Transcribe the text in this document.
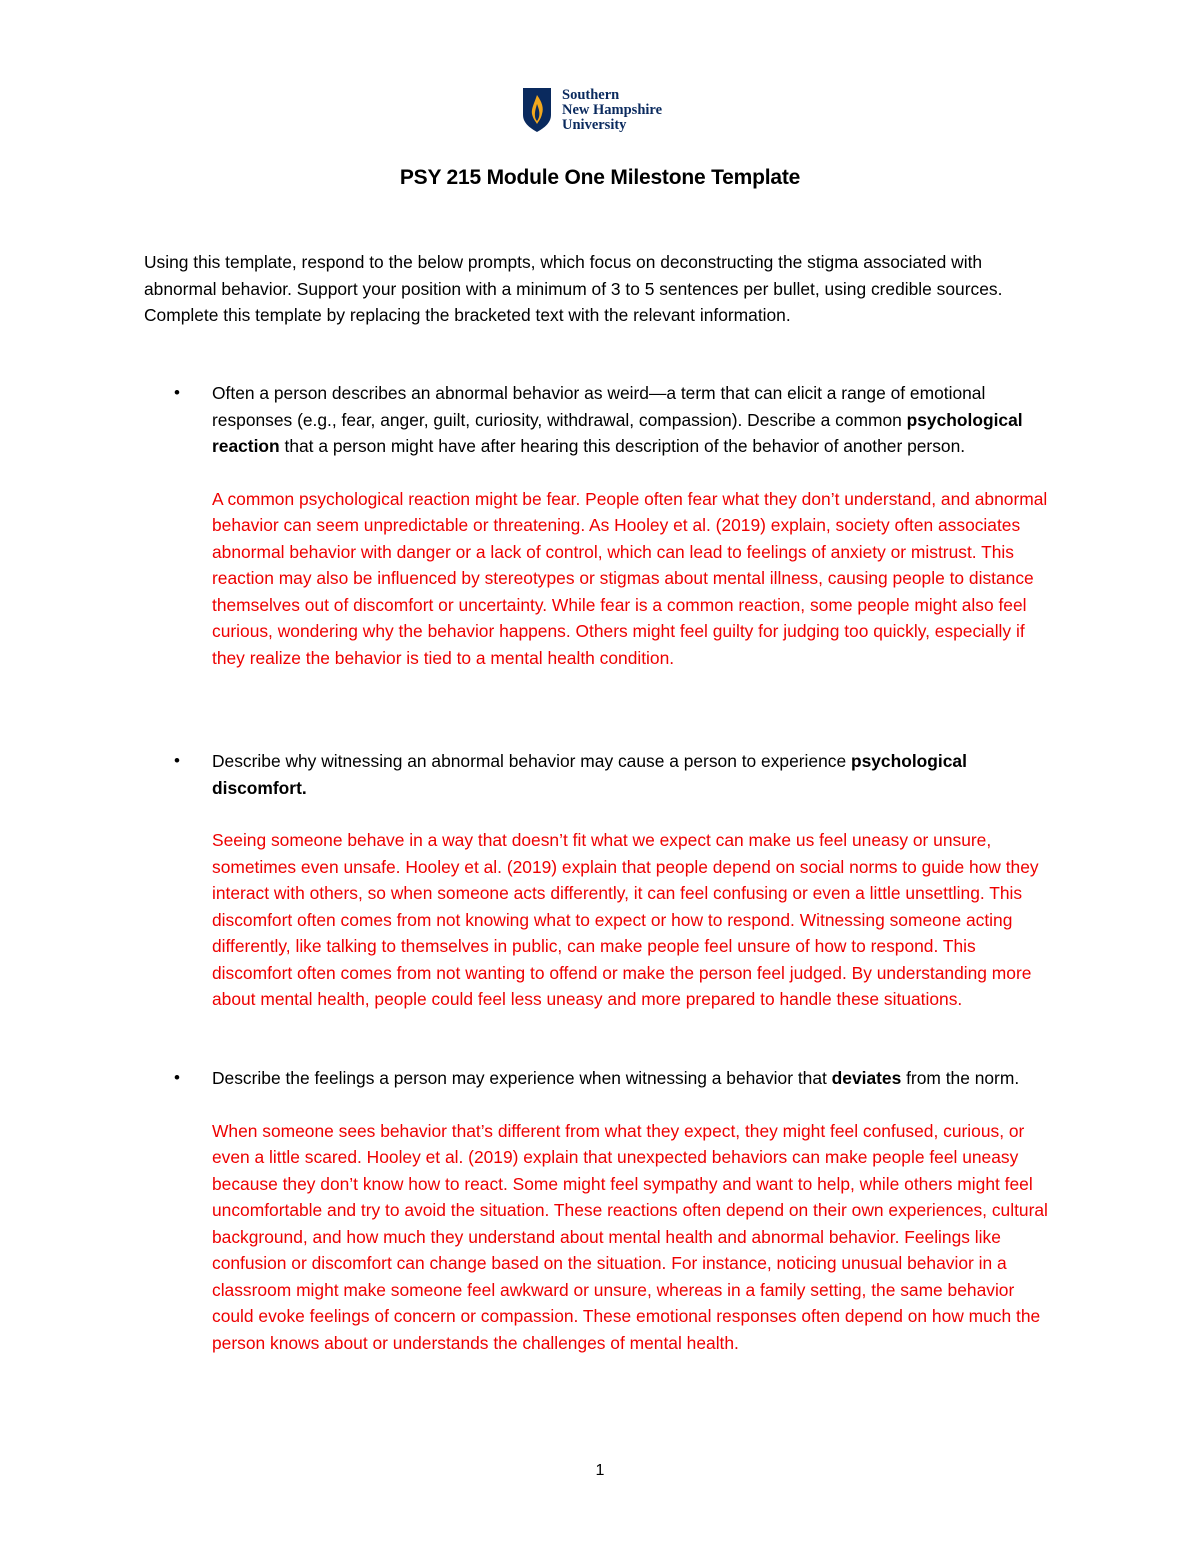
Southern
New Hampshire
University
PSY 215 Module One Milestone Template
Using this template, respond to the below prompts, which focus on deconstructing the stigma associated with abnormal behavior. Support your position with a minimum of 3 to 5 sentences per bullet, using credible sources. Complete this template by replacing the bracketed text with the relevant information.
• Often a person describes an abnormal behavior as weird—a term that can elicit a range of emotional responses (e.g., fear, anger, guilt, curiosity, withdrawal, compassion). Describe a common psychological reaction that a person might have after hearing this description of the behavior of another person.
A common psychological reaction might be fear. People often fear what they don’t understand, and abnormal behavior can seem unpredictable or threatening. As Hooley et al. (2019) explain, society often associates abnormal behavior with danger or a lack of control, which can lead to feelings of anxiety or mistrust. This reaction may also be influenced by stereotypes or stigmas about mental illness, causing people to distance themselves out of discomfort or uncertainty. While fear is a common reaction, some people might also feel curious, wondering why the behavior happens. Others might feel guilty for judging too quickly, especially if they realize the behavior is tied to a mental health condition.
• Describe why witnessing an abnormal behavior may cause a person to experience psychological discomfort.
Seeing someone behave in a way that doesn’t fit what we expect can make us feel uneasy or unsure, sometimes even unsafe. Hooley et al. (2019) explain that people depend on social norms to guide how they interact with others, so when someone acts differently, it can feel confusing or even a little unsettling. This discomfort often comes from not knowing what to expect or how to respond. Witnessing someone acting differently, like talking to themselves in public, can make people feel unsure of how to respond. This discomfort often comes from not wanting to offend or make the person feel judged. By understanding more about mental health, people could feel less uneasy and more prepared to handle these situations.
• Describe the feelings a person may experience when witnessing a behavior that deviates from the norm.
When someone sees behavior that’s different from what they expect, they might feel confused, curious, or even a little scared. Hooley et al. (2019) explain that unexpected behaviors can make people feel uneasy because they don’t know how to react. Some might feel sympathy and want to help, while others might feel uncomfortable and try to avoid the situation. These reactions often depend on their own experiences, cultural background, and how much they understand about mental health and abnormal behavior. Feelings like confusion or discomfort can change based on the situation. For instance, noticing unusual behavior in a classroom might make someone feel awkward or unsure, whereas in a family setting, the same behavior could evoke feelings of concern or compassion. These emotional responses often depend on how much the person knows about or understands the challenges of mental health.
1
